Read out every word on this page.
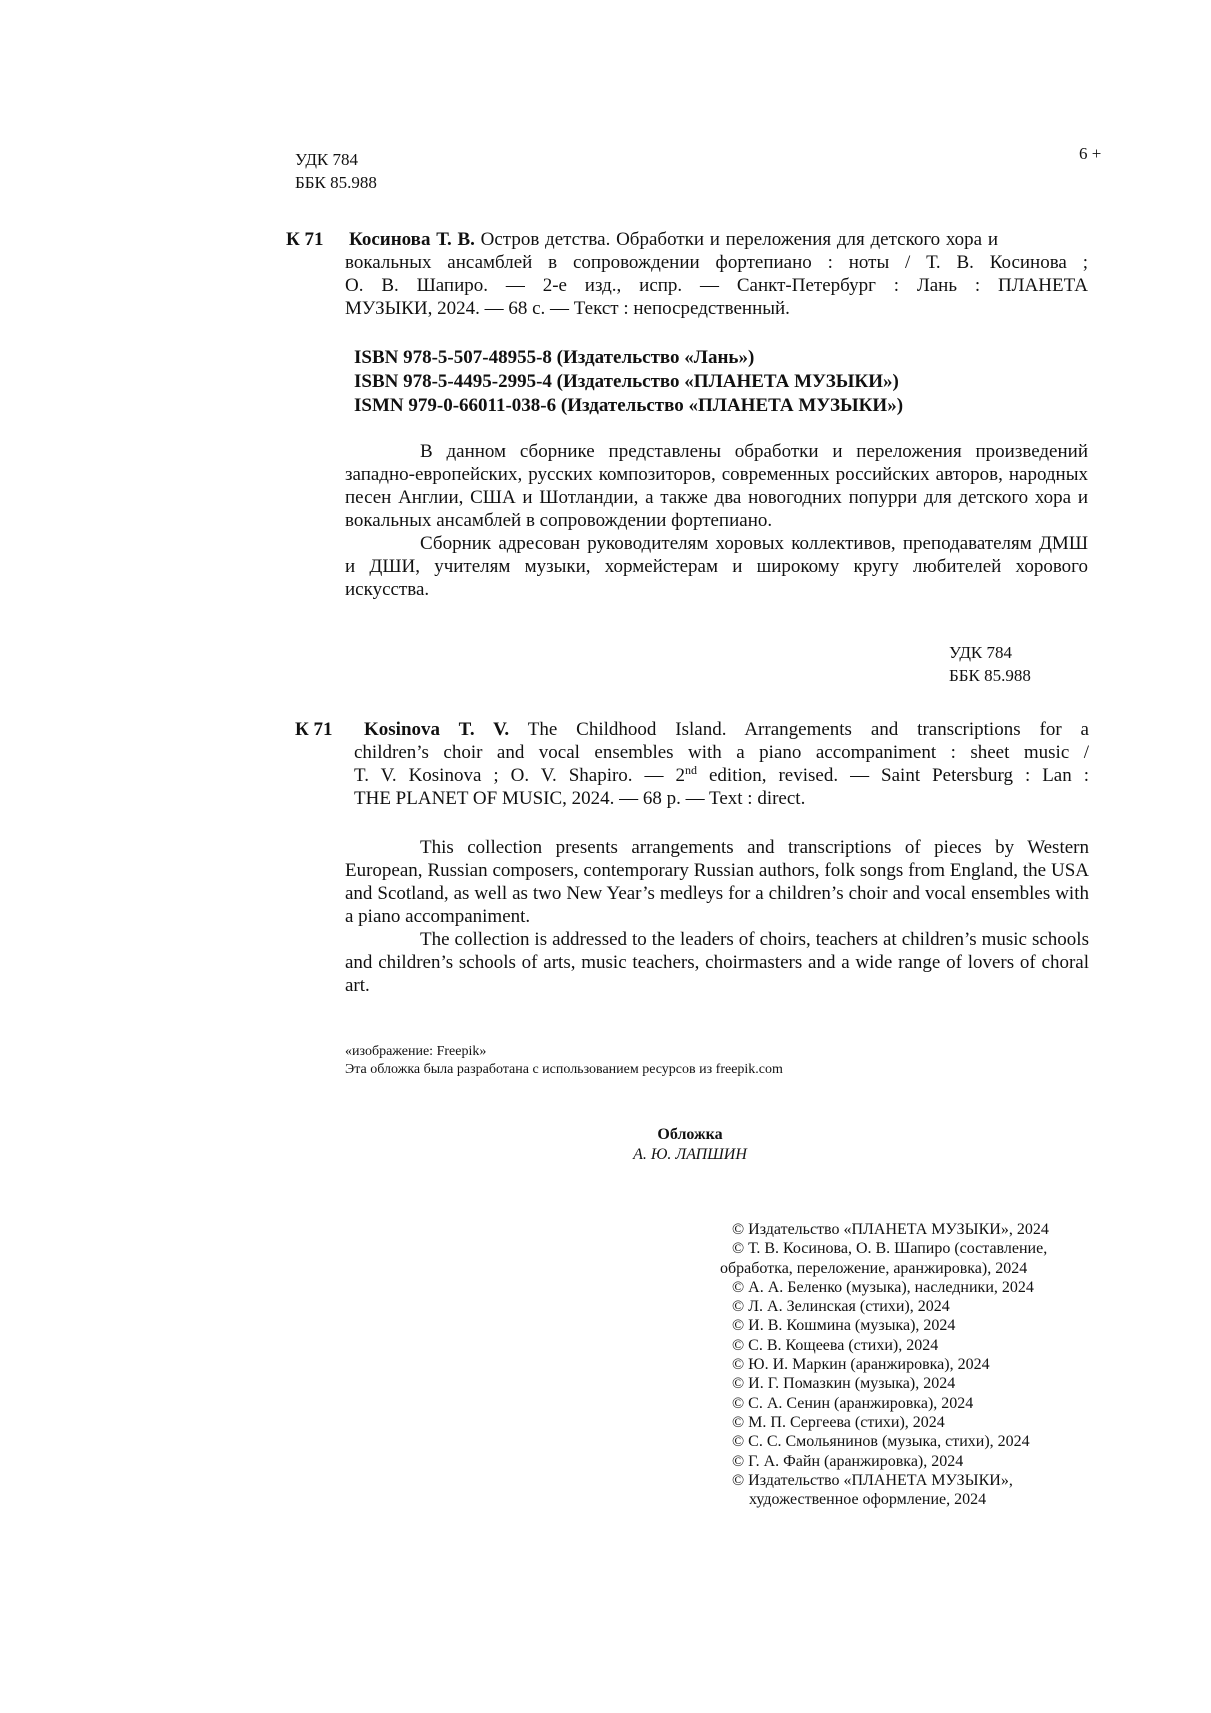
УДК 784
ББК 85.988
6 +
К 71 Косинова Т. В. Остров детства. Обработки и переложения для детского хора и
вокальных ансамблей в сопровождении фортепиано : ноты / Т. В. Косинова ;
О. В. Шапиро. — 2-е изд., испр. — Санкт-Петербург : Лань : ПЛАНЕТА
МУЗЫКИ, 2024. — 68 с. — Текст : непосредственный.
ISBN 978-5-507-48955-8 (Издательство «Лань»)
ISBN 978-5-4495-2995-4 (Издательство «ПЛАНЕТА МУЗЫКИ»)
ISMN 979-0-66011-038-6 (Издательство «ПЛАНЕТА МУЗЫКИ»)

В данном сборнике представлены обработки и переложения произведений западно-европейских, русских композиторов, современных российских авторов, народных песен Англии, США и Шотландии, а также два новогодних попурри для детского хора и вокальных ансамблей в сопровождении фортепиано.

Сборник адресован руководителям хоровых коллективов, преподавателям ДМШ и ДШИ, учителям музыки, хормейстерам и широкому кругу любителей хорового искусства.

УДК 784
ББК 85.988
К 71 Kosinova T. V. The Childhood Island. Arrangements and transcriptions for a
children’s choir and vocal ensembles with a piano accompaniment : sheet music /
T. V. Kosinova ; O. V. Shapiro. — 2nd edition, revised. — Saint Petersburg : Lan :
THE PLANET OF MUSIC, 2024. — 68 p. — Text : direct.

This collection presents arrangements and transcriptions of pieces by Western European, Russian composers, contemporary Russian authors, folk songs from England, the USA and Scotland, as well as two New Year’s medleys for a children’s choir and vocal ensembles with a piano accompaniment.

The collection is addressed to the leaders of choirs, teachers at children’s music schools and children’s schools of arts, music teachers, choirmasters and a wide range of lovers of choral art.

«изображение: Freepik»
Эта обложка была разработана с использованием ресурсов из freepik.com
Обложка
А. Ю. ЛАПШИН
© Издательство «ПЛАНЕТА МУЗЫКИ», 2024
© Т. В. Косинова, О. В. Шапиро (составление,
обработка, переложение, аранжировка), 2024
© А. А. Беленко (музыка), наследники, 2024
© Л. А. Зелинская (стихи), 2024
© И. В. Кошмина (музыка), 2024
© С. В. Кощеева (стихи), 2024
© Ю. И. Маркин (аранжировка), 2024
© И. Г. Помазкин (музыка), 2024
© С. А. Сенин (аранжировка), 2024
© М. П. Сергеева (стихи), 2024
© С. С. Смольянинов (музыка, стихи), 2024
© Г. А. Файн (аранжировка), 2024
© Издательство «ПЛАНЕТА МУЗЫКИ»,
художественное оформление, 2024
